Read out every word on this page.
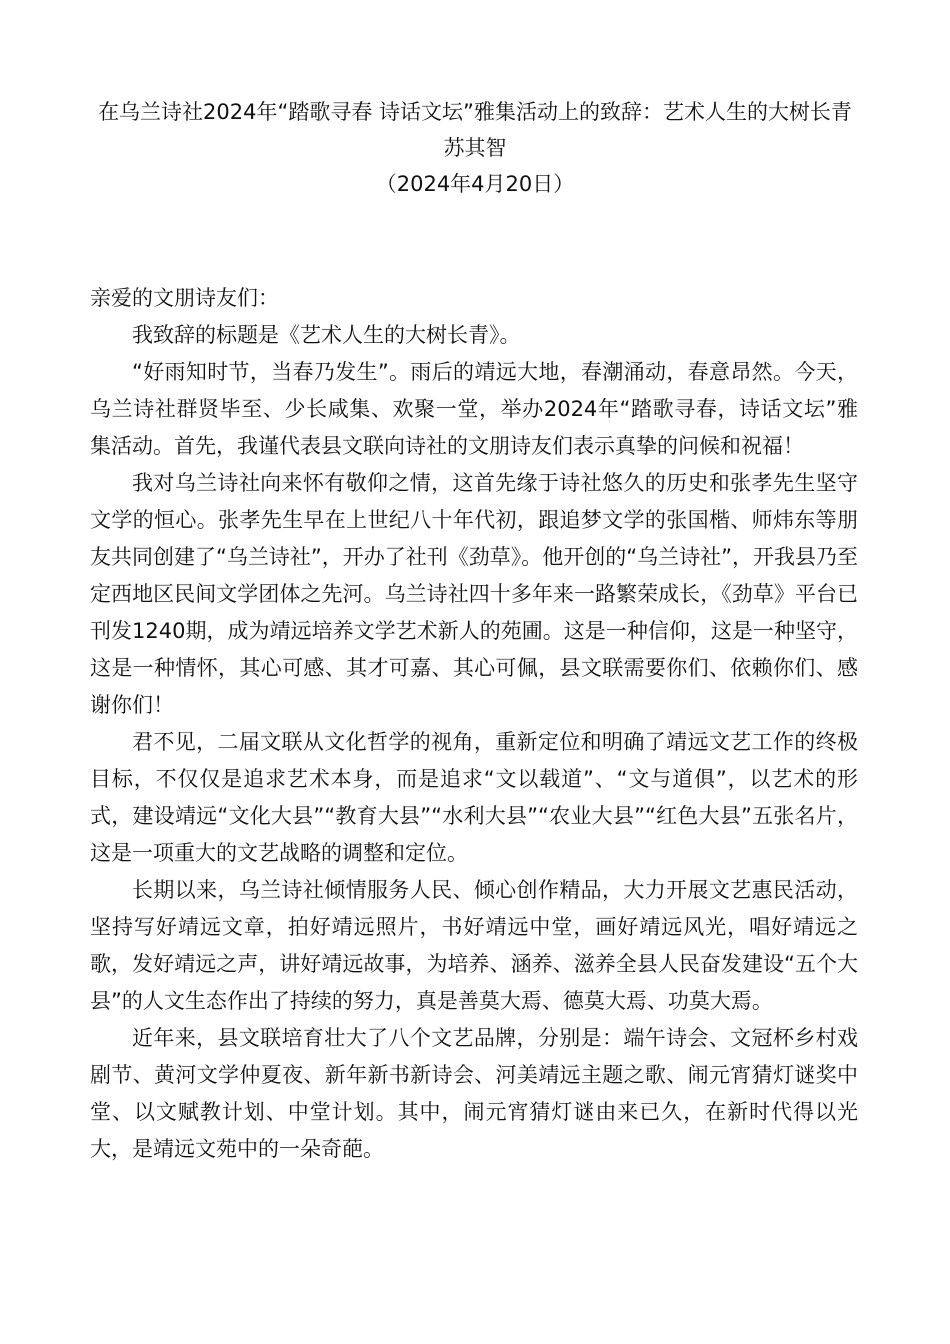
在乌兰诗社2024年“踏歌寻春 诗话文坛”雅集活动上的致辞：艺术人生的大树长青
苏其智
（2024年4月20日）

亲爱的文朋诗友们：

我致辞的标题是《艺术人生的大树长青》。

“好雨知时节，当春乃发生”。雨后的靖远大地，春潮涌动，春意昂然。今天，乌兰诗社群贤毕至、少长咸集、欢聚一堂，举办2024年“踏歌寻春，诗话文坛”雅集活动。首先，我谨代表县文联向诗社的文朋诗友们表示真挚的问候和祝福！

我对乌兰诗社向来怀有敬仰之情，这首先缘于诗社悠久的历史和张孝先生坚守文学的恒心。张孝先生早在上世纪八十年代初，跟追梦文学的张国楷、师炜东等朋友共同创建了“乌兰诗社”，开办了社刊《劲草》。他开创的“乌兰诗社”，开我县乃至定西地区民间文学团体之先河。乌兰诗社四十多年来一路繁荣成长，《劲草》平台已刊发1240期，成为靖远培养文学艺术新人的苑圃。这是一种信仰，这是一种坚守，这是一种情怀，其心可感、其才可嘉、其心可佩，县文联需要你们、依赖你们、感谢你们！

君不见，二届文联从文化哲学的视角，重新定位和明确了靖远文艺工作的终极目标，不仅仅是追求艺术本身，而是追求“文以载道”、“文与道俱”，以艺术的形式，建设靖远“文化大县”“教育大县”“水利大县”“农业大县”“红色大县”五张名片，这是一项重大的文艺战略的调整和定位。

长期以来，乌兰诗社倾情服务人民、倾心创作精品，大力开展文艺惠民活动，坚持写好靖远文章，拍好靖远照片，书好靖远中堂，画好靖远风光，唱好靖远之歌，发好靖远之声，讲好靖远故事，为培养、涵养、滋养全县人民奋发建设“五个大县”的人文生态作出了持续的努力，真是善莫大焉、德莫大焉、功莫大焉。

近年来，县文联培育壮大了八个文艺品牌，分别是：端午诗会、文冠杯乡村戏剧节、黄河文学仲夏夜、新年新书新诗会、河美靖远主题之歌、闹元宵猜灯谜奖中堂、以文赋教计划、中堂计划。其中，闹元宵猜灯谜由来已久，在新时代得以光大，是靖远文苑中的一朵奇葩。
